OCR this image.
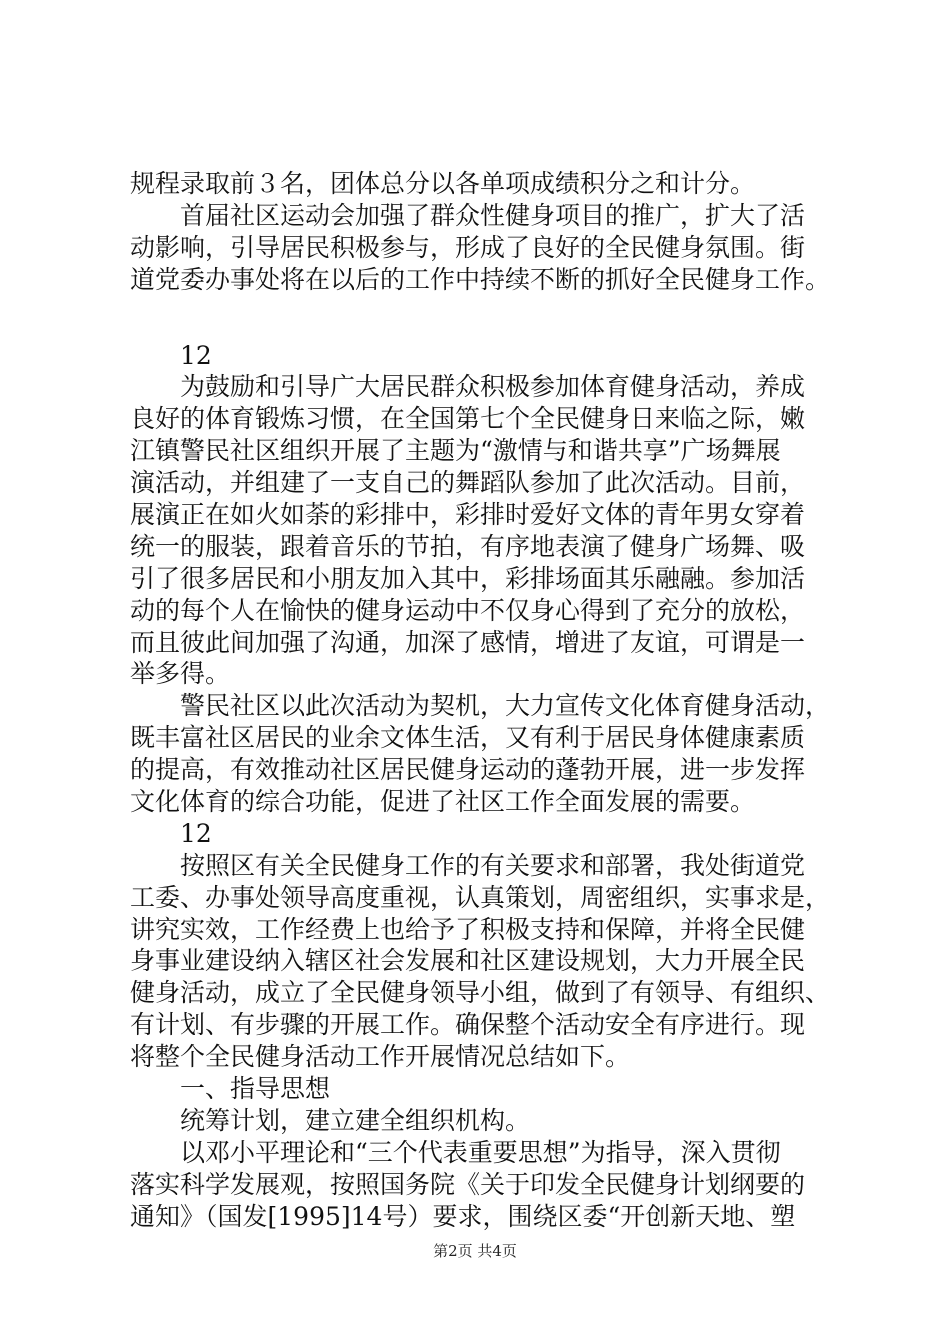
规程录取前３名，团体总分以各单项成绩积分之和计分。
首届社区运动会加强了群众性健身项目的推广，扩大了活
动影响，引导居民积极参与，形成了良好的全民健身氛围。街
道党委办事处将在以后的工作中持续不断的抓好全民健身工作。
12
为鼓励和引导广大居民群众积极参加体育健身活动，养成
良好的体育锻炼习惯，在全国第七个全民健身日来临之际，嫩
江镇警民社区组织开展了主题为“激情与和谐共享”广场舞展
演活动，并组建了一支自己的舞蹈队参加了此次活动。目前，
展演正在如火如荼的彩排中，彩排时爱好文体的青年男女穿着
统一的服装，跟着音乐的节拍，有序地表演了健身广场舞、吸
引了很多居民和小朋友加入其中，彩排场面其乐融融。参加活
动的每个人在愉快的健身运动中不仅身心得到了充分的放松，
而且彼此间加强了沟通，加深了感情，增进了友谊，可谓是一
举多得。
警民社区以此次活动为契机，大力宣传文化体育健身活动，
既丰富社区居民的业余文体生活，又有利于居民身体健康素质
的提高，有效推动社区居民健身运动的蓬勃开展，进一步发挥
文化体育的综合功能，促进了社区工作全面发展的需要。
12
按照区有关全民健身工作的有关要求和部署，我处街道党
工委、办事处领导高度重视，认真策划，周密组织，实事求是，
讲究实效，工作经费上也给予了积极支持和保障，并将全民健
身事业建设纳入辖区社会发展和社区建设规划，大力开展全民
健身活动，成立了全民健身领导小组，做到了有领导、有组织、
有计划、有步骤的开展工作。确保整个活动安全有序进行。现
将整个全民健身活动工作开展情况总结如下。
一、指导思想
统筹计划，建立建全组织机构。
以邓小平理论和“三个代表重要思想”为指导，深入贯彻
落实科学发展观，按照国务院《关于印发全民健身计划纲要的
通知》（国发[1995]14号）要求，围绕区委“开创新天地、塑
第2页 共4页
